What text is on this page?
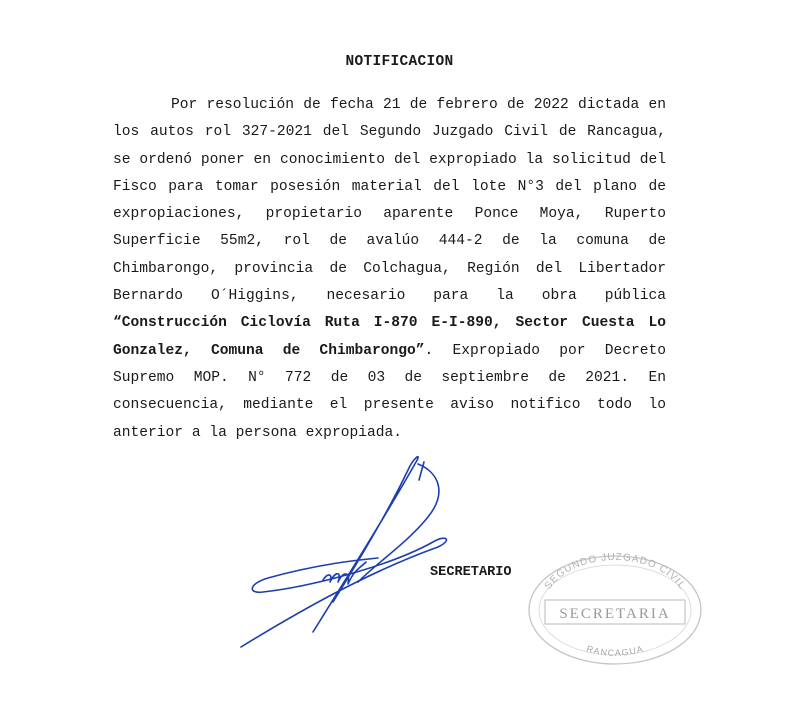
NOTIFICACION

Por resolución de fecha 21 de febrero de 2022 dictada en los autos rol 327-2021 del Segundo Juzgado Civil de Rancagua, se ordenó poner en conocimiento del expropiado la solicitud del Fisco para tomar posesión material del lote N°3 del plano de expropiaciones, propietario aparente Ponce Moya, Ruperto Superficie 55m2, rol de avalúo 444-2 de la comuna de Chimbarongo, provincia de Colchagua, Región del Libertador Bernardo O´Higgins, necesario para la obra pública “Construcción Ciclovía Ruta I-870 E-I-890, Sector Cuesta Lo Gonzalez, Comuna de Chimbarongo”. Expropiado por Decreto Supremo MOP. N° 772 de 03 de septiembre de 2021. En consecuencia, mediante el presente aviso notifico todo lo anterior a la persona expropiada.

SECRETARIO
SEGUNDO JUZGADO CIVIL
SECRETARIA
RANCAGUA
